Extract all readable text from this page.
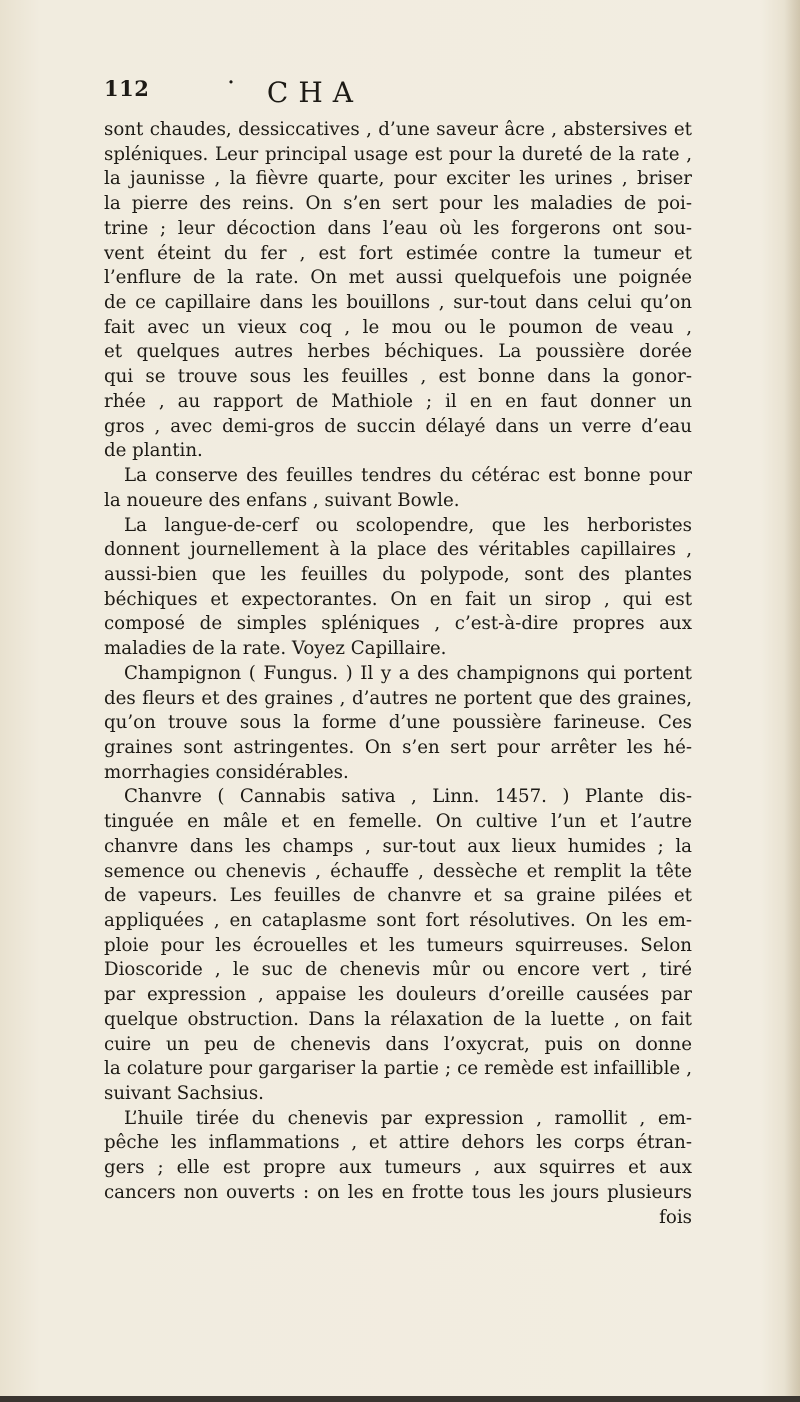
112	˙ CHA
sont chaudes, dessiccatives , d’une saveur âcre , abstersives et
spléniques. Leur principal usage est pour la dureté de la rate ,
la jaunisse , la fièvre quarte, pour exciter les urines , briser
la pierre des reins. On s’en sert pour les maladies de poi-
trine ; leur décoction dans l’eau où les forgerons ont sou-
vent éteint du fer , est fort estimée contre la tumeur et
l’enflure de la rate. On met aussi quelquefois une poignée
de ce capillaire dans les bouillons , sur-tout dans celui qu’on
fait avec un vieux coq , le mou ou le poumon de veau ,
et quelques autres herbes béchiques. La poussière dorée
qui se trouve sous les feuilles , est bonne dans la gonor-
rhée , au rapport de Mathiole ; il en en faut donner un
gros , avec demi-gros de succin délayé dans un verre d’eau
de plantin.
La conserve des feuilles tendres du cétérac est bonne pour
la noueure des enfans , suivant Bowle.
La langue-de-cerf ou scolopendre, que les herboristes
donnent journellement à la place des véritables capillaires ,
aussi-bien que les feuilles du polypode, sont des plantes
béchiques et expectorantes. On en fait un sirop , qui est
composé de simples spléniques , c’est-à-dire propres aux
maladies de la rate. Voyez Capillaire.
Champignon ( Fungus. ) Il y a des champignons qui portent
des fleurs et des graines , d’autres ne portent que des graines,
qu’on trouve sous la forme d’une poussière farineuse. Ces
graines sont astringentes. On s’en sert pour arrêter les hé-
morrhagies considérables.
Chanvre ( Cannabis sativa , Linn. 1457. ) Plante dis-
tinguée en mâle et en femelle. On cultive l’un et l’autre
chanvre dans les champs , sur-tout aux lieux humides ; la
semence ou chenevis , échauffe , dessèche et remplit la tête
de vapeurs. Les feuilles de chanvre et sa graine pilées et
appliquées , en cataplasme sont fort résolutives. On les em-
ploie pour les écrouelles et les tumeurs squirreuses. Selon
Dioscoride , le suc de chenevis mûr ou encore vert , tiré
par expression , appaise les douleurs d’oreille causées par
quelque obstruction. Dans la rélaxation de la luette , on fait
cuire un peu de chenevis dans l’oxycrat, puis on donne
la colature pour gargariser la partie ; ce remède est infaillible ,
suivant Sachsius.
L’huile tirée du chenevis par expression , ramollit , em-
pêche les inflammations , et attire dehors les corps étran-
gers ; elle est propre aux tumeurs , aux squirres et aux
cancers non ouverts : on les en frotte tous les jours plusieurs
fois
